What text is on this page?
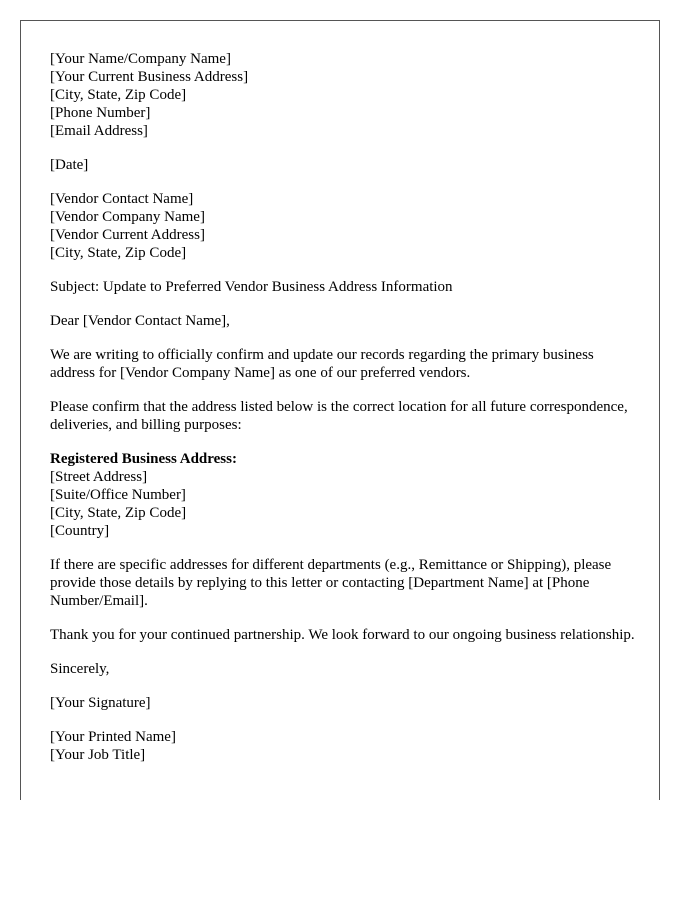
[Your Name/Company Name]
[Your Current Business Address]
[City, State, Zip Code]
[Phone Number]
[Email Address]
[Date]
[Vendor Contact Name]
[Vendor Company Name]
[Vendor Current Address]
[City, State, Zip Code]

Subject: Update to Preferred Vendor Business Address Information

Dear [Vendor Contact Name],

We are writing to officially confirm and update our records regarding the primary business address for [Vendor Company Name] as one of our preferred vendors.

Please confirm that the address listed below is the correct location for all future correspondence, deliveries, and billing purposes:

Registered Business Address:
[Street Address]
[Suite/Office Number]
[City, State, Zip Code]
[Country]

If there are specific addresses for different departments (e.g., Remittance or Shipping), please provide those details by replying to this letter or contacting [Department Name] at [Phone Number/Email].

Thank you for your continued partnership. We look forward to our ongoing business relationship.

Sincerely,

[Your Signature]

[Your Printed Name]
[Your Job Title]
